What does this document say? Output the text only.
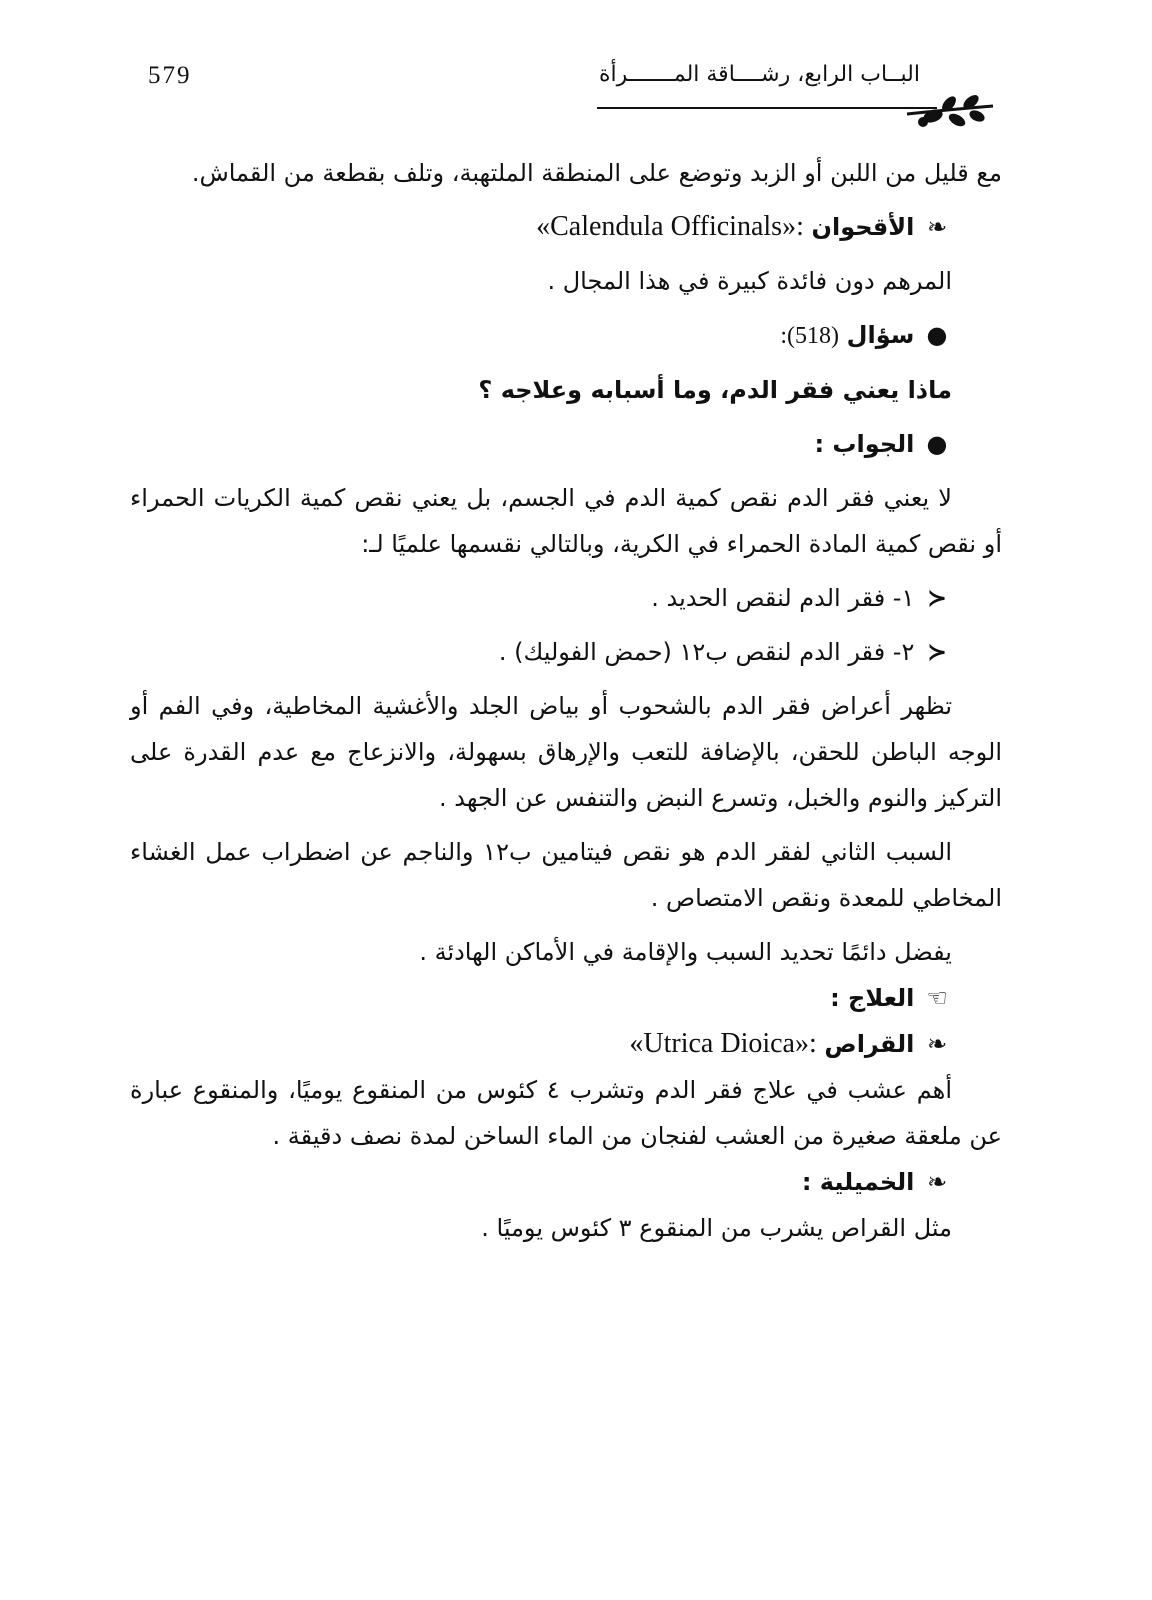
579	البــاب الرابع، رشــــاقة المـــــــرأة

مع قليل من اللبن أو الزبد وتوضع على المنطقة الملتهبة، وتلف بقطعة من القماش.

❧ الأقحوان «Calendula Officinals»:

المرهم دون فائدة كبيرة في هذا المجال .

● سؤال (518):

ماذا يعني فقر الدم، وما أسبابه وعلاجه ؟

● الجواب :

لا يعني فقر الدم نقص كمية الدم في الجسم، بل يعني نقص كمية الكريات الحمراء أو نقص كمية المادة الحمراء في الكرية، وبالتالي نقسمها علميًا لـ:

≺ ١- فقر الدم لنقص الحديد .

≺ ٢- فقر الدم لنقص ب١٢ (حمض الفوليك) .

تظهر أعراض فقر الدم بالشحوب أو بياض الجلد والأغشية المخاطية، وفي الفم أو الوجه الباطن للحقن، بالإضافة للتعب والإرهاق بسهولة، والانزعاج مع عدم القدرة على التركيز والنوم والخبل، وتسرع النبض والتنفس عن الجهد .

السبب الثاني لفقر الدم هو نقص فيتامين ب١٢ والناجم عن اضطراب عمل الغشاء المخاطي للمعدة ونقص الامتصاص .

يفضل دائمًا تحديد السبب والإقامة في الأماكن الهادئة .

☜ العلاج :

❧ القراص «Utrica Dioica»:

أهم عشب في علاج فقر الدم وتشرب ٤ كئوس من المنقوع يوميًا، والمنقوع عبارة عن ملعقة صغيرة من العشب لفنجان من الماء الساخن لمدة نصف دقيقة .

❧ الخميلية :

مثل القراص يشرب من المنقوع ٣ كئوس يوميًا .
